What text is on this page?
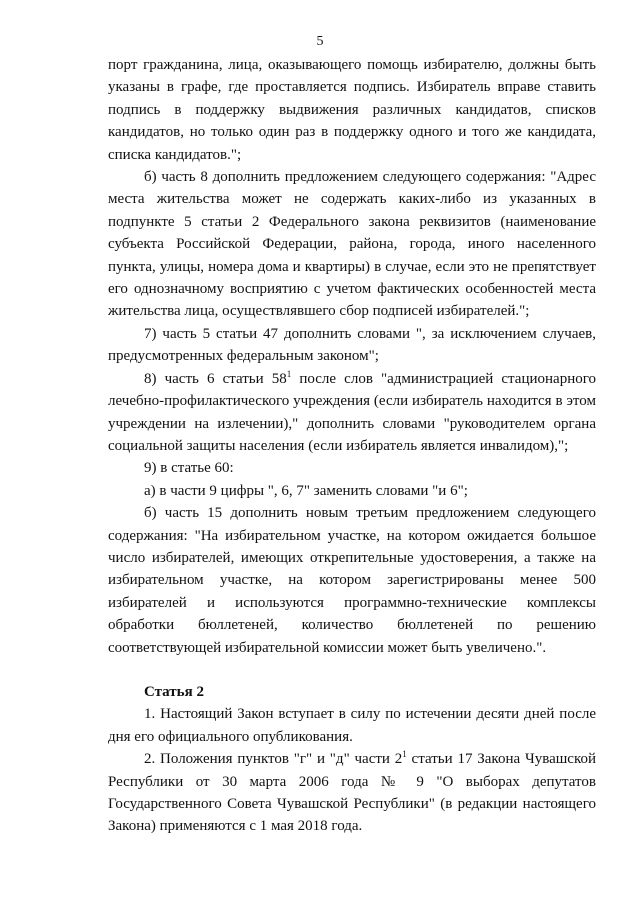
5

порт гражданина, лица, оказывающего помощь избирателю, должны быть указаны в графе, где проставляется подпись. Избиратель вправе ставить подпись в поддержку выдвижения различных кандидатов, списков кандидатов, но только один раз в поддержку одного и того же кандидата, списка кандидатов.";

б) часть 8 дополнить предложением следующего содержания: "Адрес места жительства может не содержать каких-либо из указанных в подпункте 5 статьи 2 Федерального закона реквизитов (наименование субъекта Российской Федерации, района, города, иного населенного пункта, улицы, номера дома и квартиры) в случае, если это не препятствует его однозначному восприятию с учетом фактических особенностей места жительства лица, осуществлявшего сбор подписей избирателей.";

7) часть 5 статьи 47 дополнить словами ", за исключением случаев, предусмотренных федеральным законом";

8) часть 6 статьи $58^1$ после слов "администрацией стационарного лечебно-профилактического учреждения (если избиратель находится в этом учреждении на излечении)," дополнить словами "руководителем органа социальной защиты населения (если избиратель является инвалидом),";

9) в статье 60:

а) в части 9 цифры ", 6, 7" заменить словами "и 6";

б) часть 15 дополнить новым третьим предложением следующего содержания: "На избирательном участке, на котором ожидается большое число избирателей, имеющих открепительные удостоверения, а также на избирательном участке, на котором зарегистрированы менее 500 избирателей и используются программно-технические комплексы обработки бюллетеней, количество бюллетеней по решению соответствующей избирательной комиссии может быть увеличено.".

Статья 2

1. Настоящий Закон вступает в силу по истечении десяти дней после дня его официального опубликования.

2. Положения пунктов "г" и "д" части $2^1$ статьи 17 Закона Чувашской Республики от 30 марта 2006 года № 9 "О выборах депутатов Государственного Совета Чувашской Республики" (в редакции настоящего Закона) применяются с 1 мая 2018 года.
